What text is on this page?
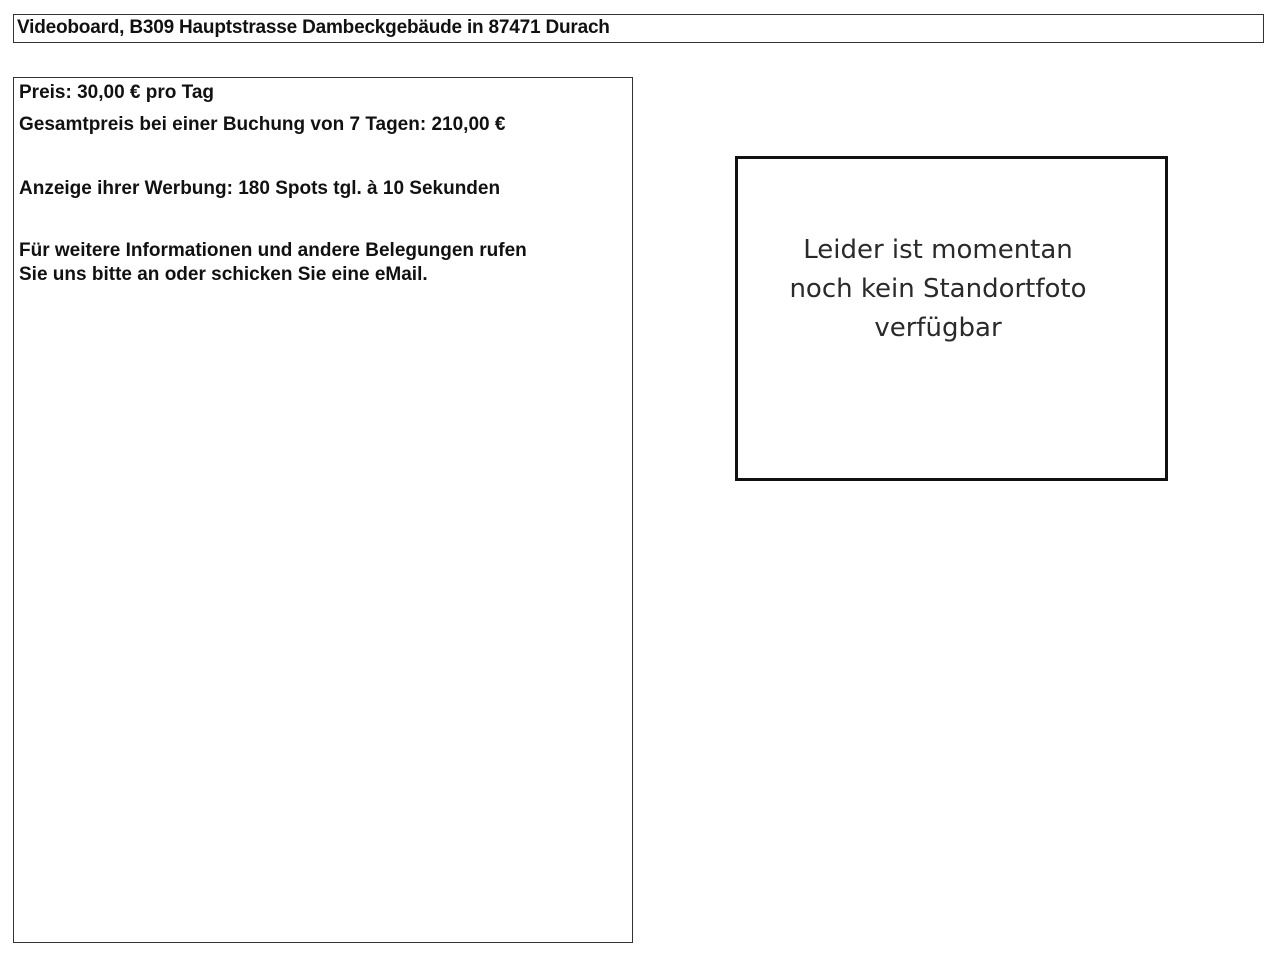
Videoboard, B309 Hauptstrasse Dambeckgebäude in 87471 Durach
Preis: 30,00 € pro Tag
Gesamtpreis bei einer Buchung von 7 Tagen: 210,00 €
Anzeige ihrer Werbung: 180 Spots tgl. à 10 Sekunden
Für weitere Informationen und andere Belegungen rufen
Sie uns bitte an oder schicken Sie eine eMail.
Leider ist momentan
noch kein Standortfoto
verfügbar
